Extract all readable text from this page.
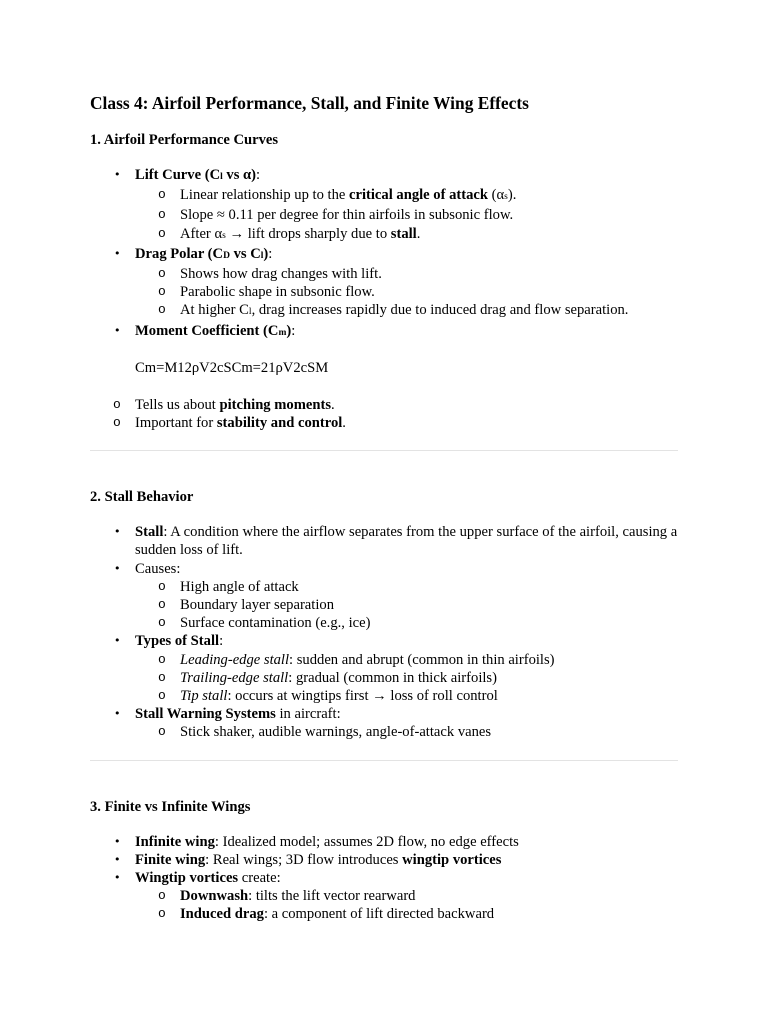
Class 4: Airfoil Performance, Stall, and Finite Wing Effects
1. Airfoil Performance Curves
• Lift Curve (Cl vs α):
o Linear relationship up to the critical angle of attack (αs).
o Slope ≈ 0.11 per degree for thin airfoils in subsonic flow.
o After αs → lift drops sharply due to stall.
• Drag Polar (CD vs Cl):
o Shows how drag changes with lift.
o Parabolic shape in subsonic flow.
o At higher Cl, drag increases rapidly due to induced drag and flow separation.
• Moment Coefficient (Cm):
Cm=M12ρV2cSCm=21ρV2cSM
o Tells us about pitching moments.
o Important for stability and control.
2. Stall Behavior
• Stall: A condition where the airflow separates from the upper surface of the airfoil, causing a sudden loss of lift.
• Causes:
o High angle of attack
o Boundary layer separation
o Surface contamination (e.g., ice)
• Types of Stall:
o Leading-edge stall: sudden and abrupt (common in thin airfoils)
o Trailing-edge stall: gradual (common in thick airfoils)
o Tip stall: occurs at wingtips first → loss of roll control
• Stall Warning Systems in aircraft:
o Stick shaker, audible warnings, angle-of-attack vanes
3. Finite vs Infinite Wings
• Infinite wing: Idealized model; assumes 2D flow, no edge effects
• Finite wing: Real wings; 3D flow introduces wingtip vortices
• Wingtip vortices create:
o Downwash: tilts the lift vector rearward
o Induced drag: a component of lift directed backward
